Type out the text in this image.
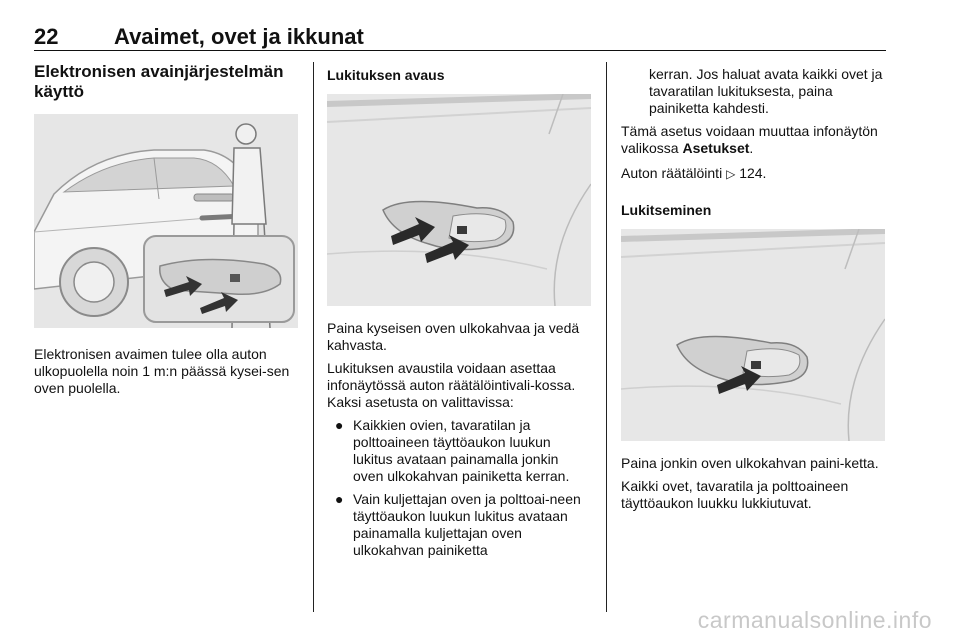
22	Avaimet, ovet ja ikkunat
Elektronisen avainjärjestelmän käyttö

Elektronisen avaimen tulee olla auton ulkopuolella noin 1 m:n päässä kysei-sen oven puolella.

Lukituksen avaus

Paina kyseisen oven ulkokahvaa ja vedä kahvasta.

Lukituksen avaustila voidaan asettaa infonäytössä auton räätälöintivali-kossa. Kaksi asetusta on valittavissa:

● Kaikkien ovien, tavaratilan ja polttoaineen täyttöaukon luukun lukitus avataan painamalla jonkin oven ulkokahvan painiketta kerran.
● Vain kuljettajan oven ja polttoai-neen täyttöaukon luukun lukitus avataan painamalla kuljettajan oven ulkokahvan painiketta

kerran. Jos haluat avata kaikki ovet ja tavaratilan lukituksesta, paina painiketta kahdesti.

Tämä asetus voidaan muuttaa infonäytön valikossa Asetukset.

Auton räätälöinti ▷ 124.

Lukitseminen

Paina jonkin oven ulkokahvan paini-ketta.

Kaikki ovet, tavaratila ja polttoaineen täyttöaukon luukku lukkiutuvat.

carmanualsonline.info
